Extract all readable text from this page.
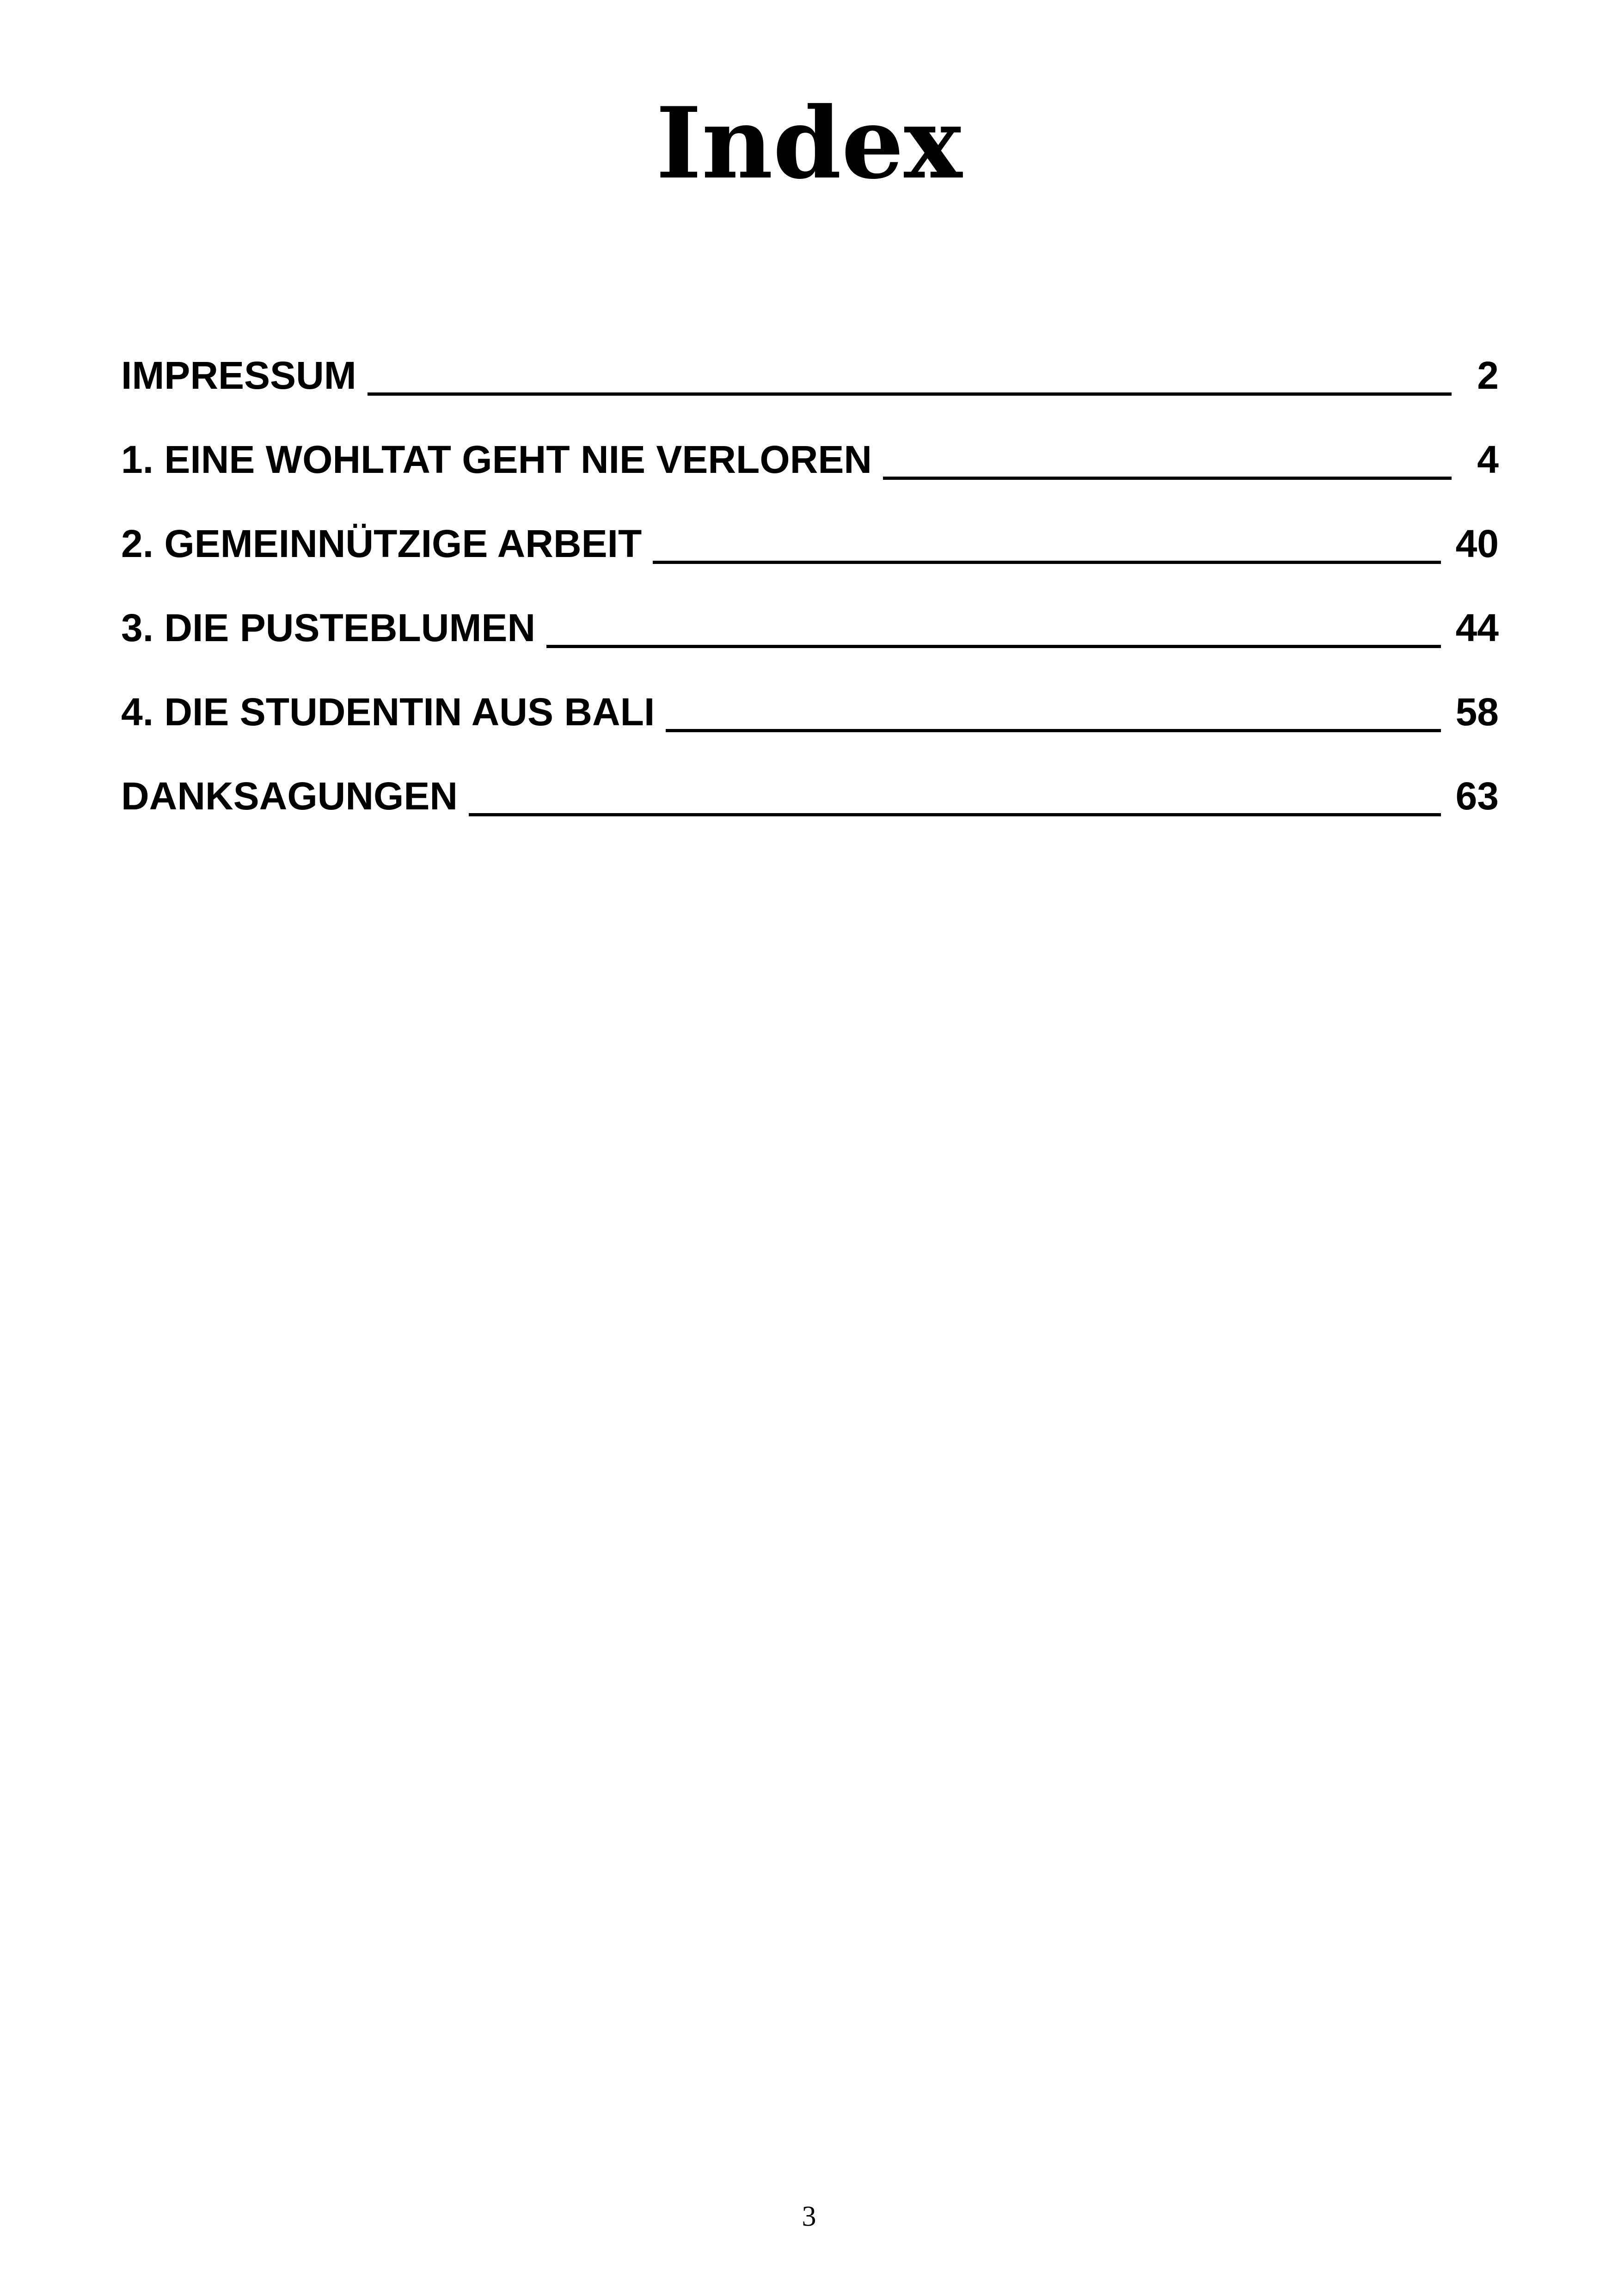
Index
IMPRESSUM	2
1. EINE WOHLTAT GEHT NIE VERLOREN	4
2. GEMEINNÜTZIGE ARBEIT	40
3. DIE PUSTEBLUMEN	44
4. DIE STUDENTIN AUS BALI	58
DANKSAGUNGEN	63
3
